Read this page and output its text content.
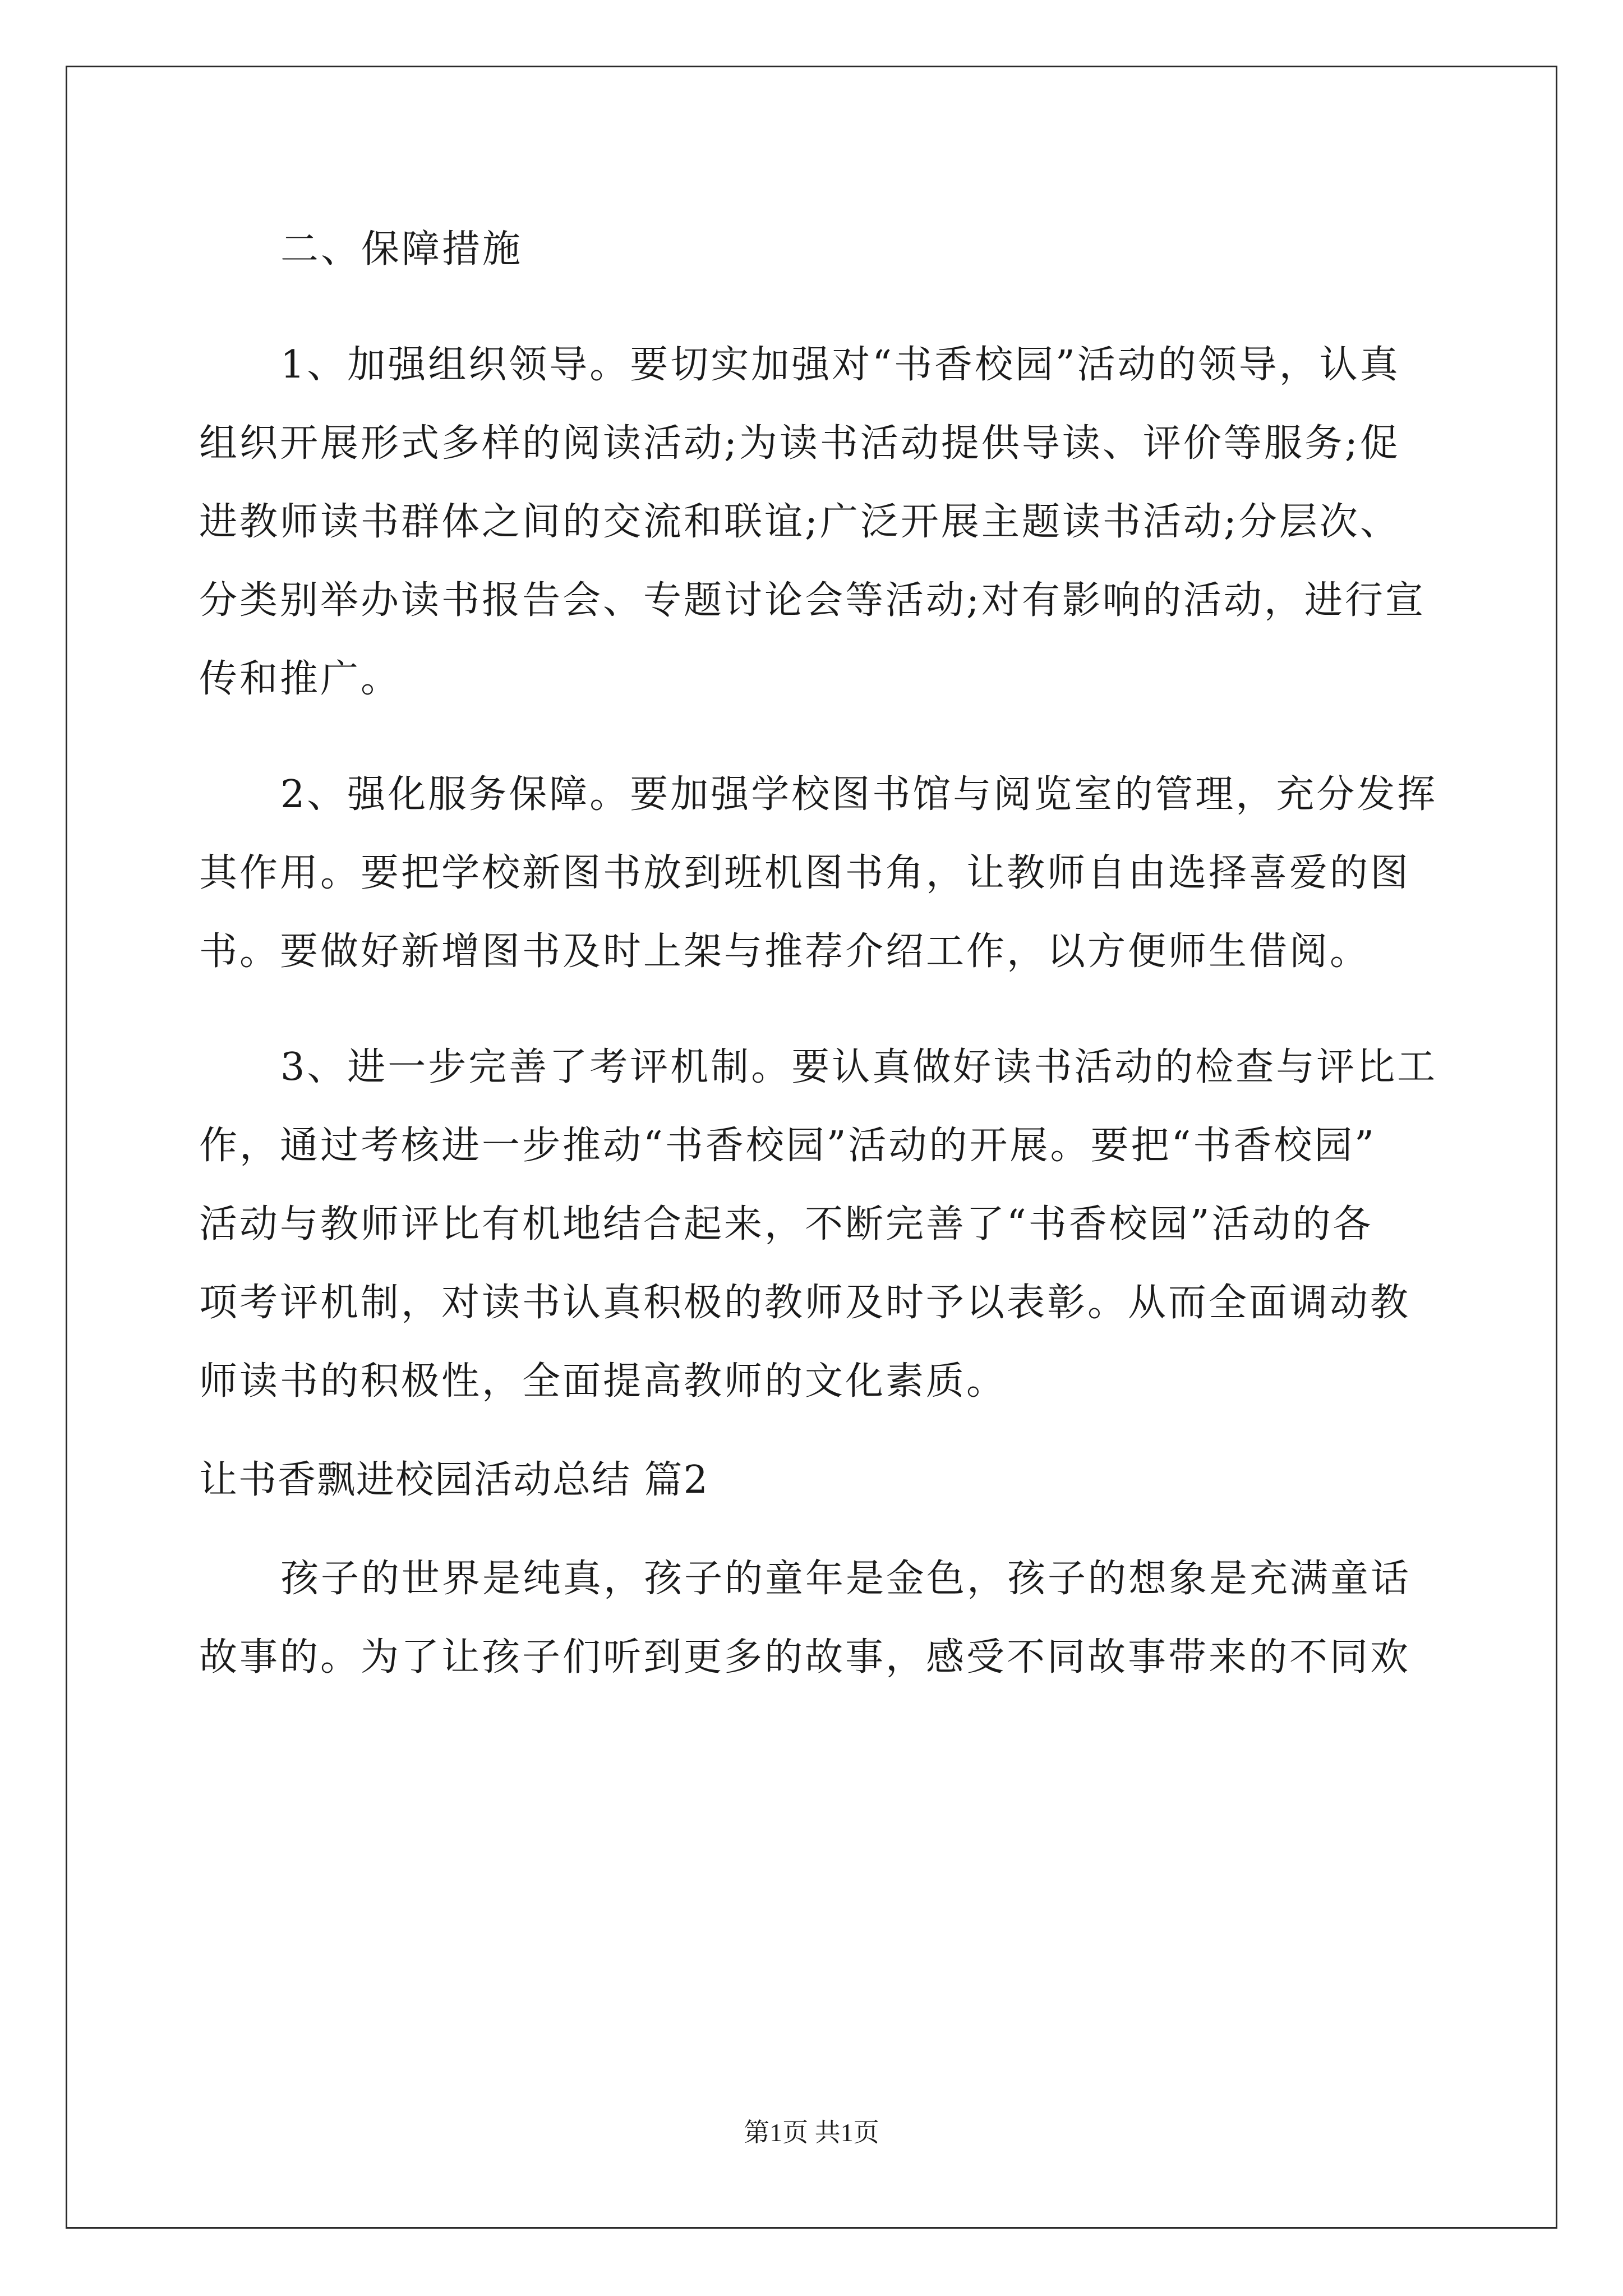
二、保障措施
1、加强组织领导。要切实加强对“书香校园”活动的领导，认真
组织开展形式多样的阅读活动;为读书活动提供导读、评价等服务;促
进教师读书群体之间的交流和联谊;广泛开展主题读书活动;分层次、
分类别举办读书报告会、专题讨论会等活动;对有影响的活动，进行宣
传和推广。
2、强化服务保障。要加强学校图书馆与阅览室的管理，充分发挥
其作用。要把学校新图书放到班机图书角，让教师自由选择喜爱的图
书。要做好新增图书及时上架与推荐介绍工作，以方便师生借阅。
3、进一步完善了考评机制。要认真做好读书活动的检查与评比工
作，通过考核进一步推动“书香校园”活动的开展。要把“书香校园”
活动与教师评比有机地结合起来，不断完善了“书香校园”活动的各
项考评机制，对读书认真积极的教师及时予以表彰。从而全面调动教
师读书的积极性，全面提高教师的文化素质。
让书香飘进校园活动总结 篇2
孩子的世界是纯真，孩子的童年是金色，孩子的想象是充满童话
故事的。为了让孩子们听到更多的故事，感受不同故事带来的不同欢
第1页 共1页
